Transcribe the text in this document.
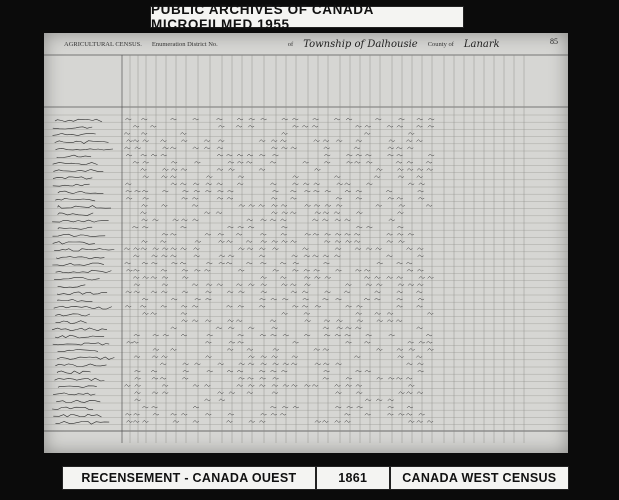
PUBLIC ARCHIVES OF CANADA MICROFILMED 1955
AGRICULTURAL CENSUS. Enumeration District No.	of Township of Dalhousie County of Lanark	85
RECENSEMENT - CANADA OUEST	1861	CANADA WEST CENSUS
